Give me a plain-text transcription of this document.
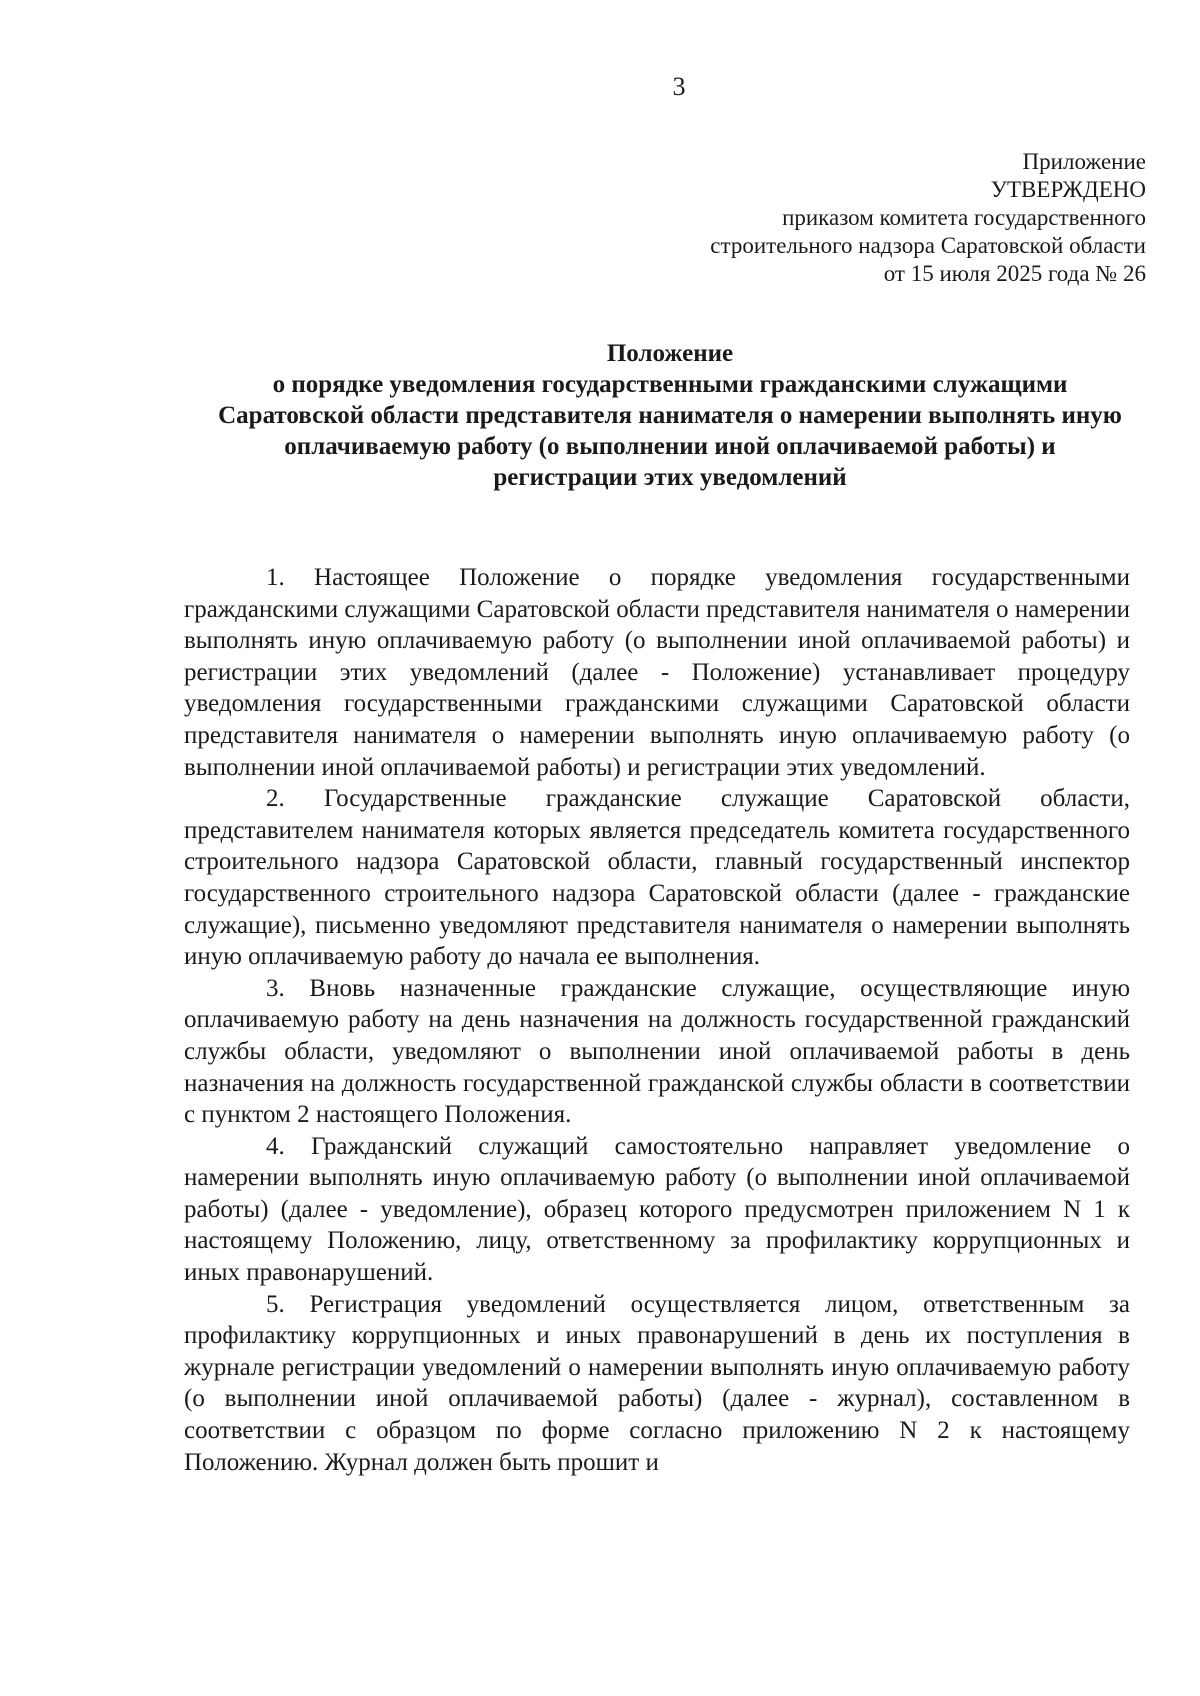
3
Приложение
УТВЕРЖДЕНО
приказом комитета государственного
строительного надзора Саратовской области
от 15 июля 2025 года № 26
Положение
о порядке уведомления государственными гражданскими служащими Саратовской области представителя нанимателя о намерении выполнять иную оплачиваемую работу (о выполнении иной оплачиваемой работы) и регистрации этих уведомлений

1. Настоящее Положение о порядке уведомления государственными гражданскими служащими Саратовской области представителя нанимателя о намерении выполнять иную оплачиваемую работу (о выполнении иной оплачиваемой работы) и регистрации этих уведомлений (далее - Положение) устанавливает процедуру уведомления государственными гражданскими служащими Саратовской области представителя нанимателя о намерении выполнять иную оплачиваемую работу (о выполнении иной оплачиваемой работы) и регистрации этих уведомлений.

2. Государственные гражданские служащие Саратовской области, представителем нанимателя которых является председатель комитета государственного строительного надзора Саратовской области, главный государственный инспектор государственного строительного надзора Саратовской области (далее - гражданские служащие), письменно уведомляют представителя нанимателя о намерении выполнять иную оплачиваемую работу до начала ее выполнения.

3. Вновь назначенные гражданские служащие, осуществляющие иную оплачиваемую работу на день назначения на должность государственной гражданский службы области, уведомляют о выполнении иной оплачиваемой работы в день назначения на должность государственной гражданской службы области в соответствии с пунктом 2 настоящего Положения.

4. Гражданский служащий самостоятельно направляет уведомление о намерении выполнять иную оплачиваемую работу (о выполнении иной оплачиваемой работы) (далее - уведомление), образец которого предусмотрен приложением N 1 к настоящему Положению, лицу, ответственному за профилактику коррупционных и иных правонарушений.

5. Регистрация уведомлений осуществляется лицом, ответственным за профилактику коррупционных и иных правонарушений в день их поступления в журнале регистрации уведомлений о намерении выполнять иную оплачиваемую работу (о выполнении иной оплачиваемой работы) (далее - журнал), составленном в соответствии с образцом по форме согласно приложению N 2 к настоящему Положению. Журнал должен быть прошит и
